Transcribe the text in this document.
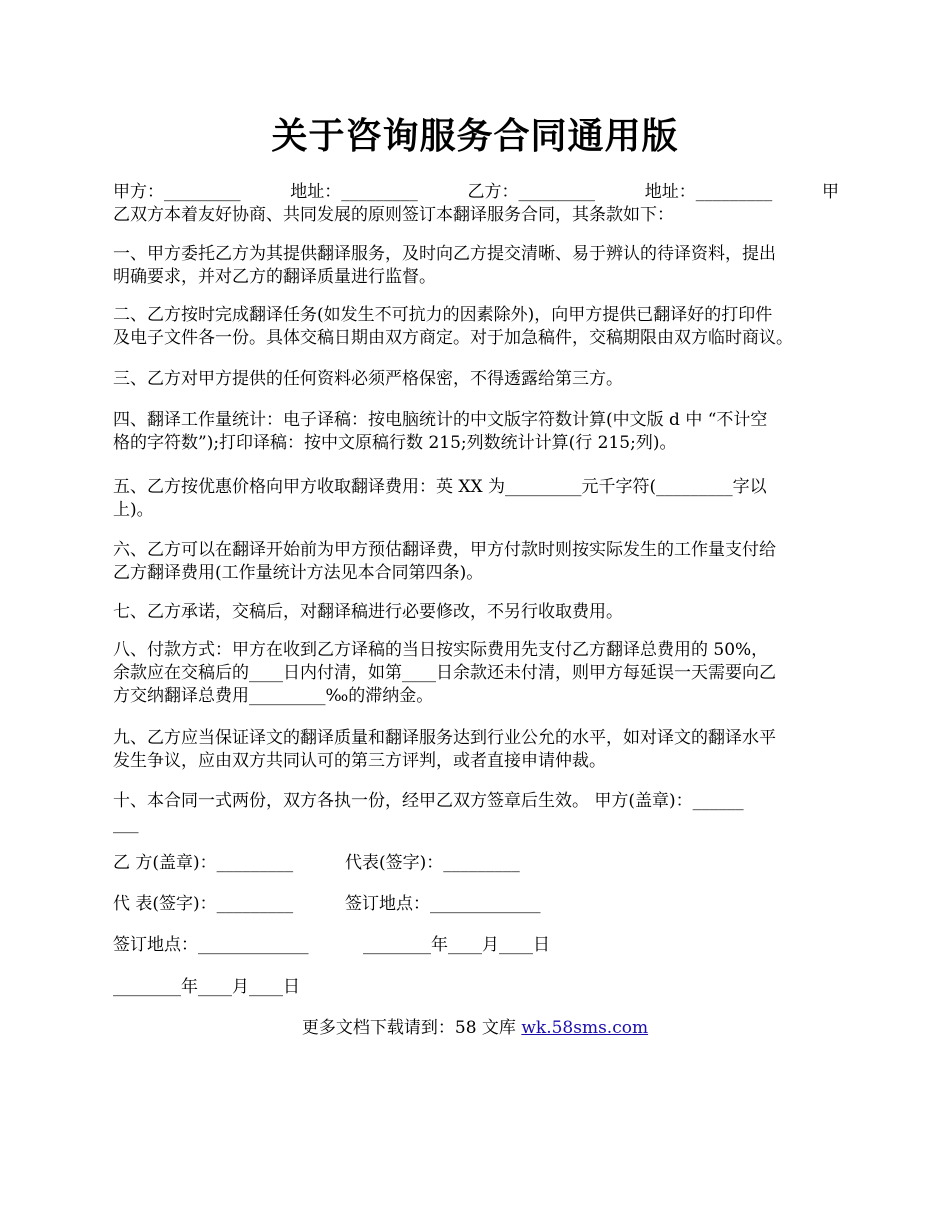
关于咨询服务合同通用版
甲方：_________	地址：_________	乙方：_________	地址：_________	甲
乙双方本着友好协商、共同发展的原则签订本翻译服务合同，其条款如下：
一、甲方委托乙方为其提供翻译服务，及时向乙方提交清晰、易于辨认的待译资料，提出
明确要求，并对乙方的翻译质量进行监督。
二、乙方按时完成翻译任务(如发生不可抗力的因素除外)，向甲方提供已翻译好的打印件
及电子文件各一份。具体交稿日期由双方商定。对于加急稿件，交稿期限由双方临时商议。
三、乙方对甲方提供的任何资料必须严格保密，不得透露给第三方。
四、翻译工作量统计：电子译稿：按电脑统计的中文版字符数计算(中文版 d 中 “不计空
格的字符数”);打印译稿：按中文原稿行数 215;列数统计计算(行 215;列)。
五、乙方按优惠价格向甲方收取翻译费用：英 XX 为_________元千字符(_________字以
上)。
六、乙方可以在翻译开始前为甲方预估翻译费，甲方付款时则按实际发生的工作量支付给
乙方翻译费用(工作量统计方法见本合同第四条)。
七、乙方承诺，交稿后，对翻译稿进行必要修改，不另行收取费用。
八、付款方式：甲方在收到乙方译稿的当日按实际费用先支付乙方翻译总费用的 50%，
余款应在交稿后的____日内付清，如第____日余款还未付清，则甲方每延误一天需要向乙
方交纳翻译总费用_________‰的滞纳金。
九、乙方应当保证译文的翻译质量和翻译服务达到行业公允的水平，如对译文的翻译水平
发生争议，应由双方共同认可的第三方评判，或者直接申请仲裁。
十、本合同一式两份，双方各执一份，经甲乙双方签章后生效。 甲方(盖章)：______
___
乙 方(盖章)：_________	代表(签字)：_________
代 表(签字)：_________	签订地点：_____________
签订地点：_____________	________年____月____日
________年____月____日
更多文档下载请到：58 文库 wk.58sms.com
